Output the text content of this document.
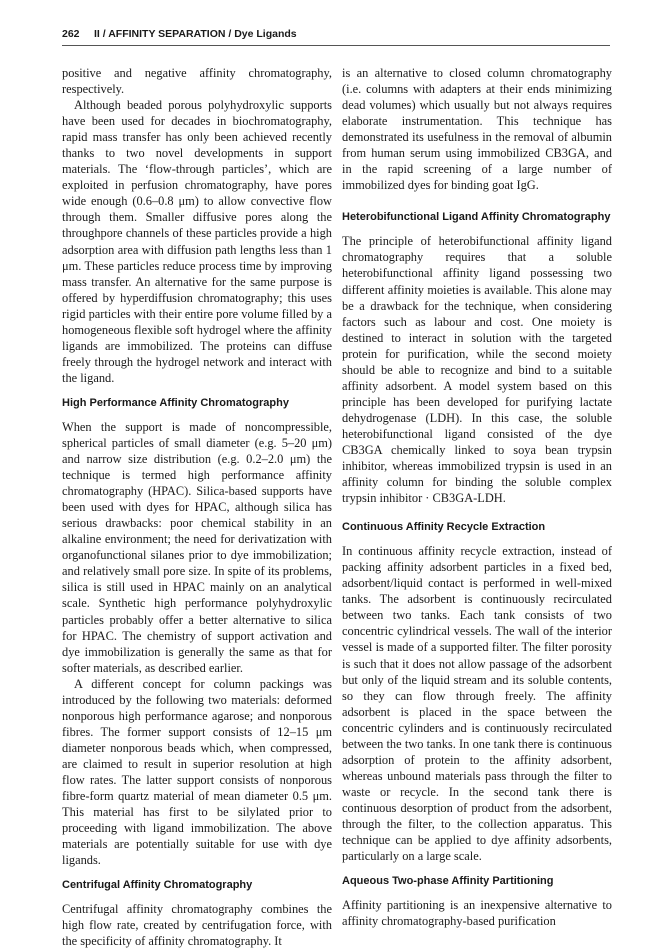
262 II / AFFINITY SEPARATION / Dye Ligands

positive and negative affinity chromatography, respectively.

Although beaded porous polyhydroxylic supports have been used for decades in biochromatography, rapid mass transfer has only been achieved recently thanks to two novel developments in support materials. The ‘flow-through particles’, which are exploited in perfusion chromatography, have pores wide enough (0.6–0.8 μm) to allow convective flow through them. Smaller diffusive pores along the throughpore channels of these particles provide a high adsorption area with diffusion path lengths less than 1 μm. These particles reduce process time by improving mass transfer. An alternative for the same purpose is offered by hyperdiffusion chromatography; this uses rigid particles with their entire pore volume filled by a homogeneous flexible soft hydrogel where the affinity ligands are immobilized. The proteins can diffuse freely through the hydrogel network and interact with the ligand.

High Performance Affinity Chromatography

When the support is made of noncompressible, spherical particles of small diameter (e.g. 5–20 μm) and narrow size distribution (e.g. 0.2–2.0 μm) the technique is termed high performance affinity chromatography (HPAC). Silica-based supports have been used with dyes for HPAC, although silica has serious drawbacks: poor chemical stability in an alkaline environment; the need for derivatization with organofunctional silanes prior to dye immobilization; and relatively small pore size. In spite of its problems, silica is still used in HPAC mainly on an analytical scale. Synthetic high performance polyhydroxylic particles probably offer a better alternative to silica for HPAC. The chemistry of support activation and dye immobilization is generally the same as that for softer materials, as described earlier.

A different concept for column packings was introduced by the following two materials: deformed nonporous high performance agarose; and nonporous fibres. The former support consists of 12–15 μm diameter nonporous beads which, when compressed, are claimed to result in superior resolution at high flow rates. The latter support consists of nonporous fibre-form quartz material of mean diameter 0.5 μm. This material has first to be silylated prior to proceeding with ligand immobilization. The above materials are potentially suitable for use with dye ligands.

Centrifugal Affinity Chromatography

Centrifugal affinity chromatography combines the high flow rate, created by centrifugation force, with the specificity of affinity chromatography. It

is an alternative to closed column chromatography (i.e. columns with adapters at their ends minimizing dead volumes) which usually but not always requires elaborate instrumentation. This technique has demonstrated its usefulness in the removal of albumin from human serum using immobilized CB3GA, and in the rapid screening of a large number of immobilized dyes for binding goat IgG.

Heterobifunctional Ligand Affinity Chromatography

The principle of heterobifunctional affinity ligand chromatography requires that a soluble heterobifunctional affinity ligand possessing two different affinity moieties is available. This alone may be a drawback for the technique, when considering factors such as labour and cost. One moiety is destined to interact in solution with the targeted protein for purification, while the second moiety should be able to recognize and bind to a suitable affinity adsorbent. A model system based on this principle has been developed for purifying lactate dehydrogenase (LDH). In this case, the soluble heterobifunctional ligand consisted of the dye CB3GA chemically linked to soya bean trypsin inhibitor, whereas immobilized trypsin is used in an affinity column for binding the soluble complex trypsin inhibitor · CB3GA-LDH.

Continuous Affinity Recycle Extraction

In continuous affinity recycle extraction, instead of packing affinity adsorbent particles in a fixed bed, adsorbent/liquid contact is performed in well-mixed tanks. The adsorbent is continuously recirculated between two tanks. Each tank consists of two concentric cylindrical vessels. The wall of the interior vessel is made of a supported filter. The filter porosity is such that it does not allow passage of the adsorbent but only of the liquid stream and its soluble contents, so they can flow through freely. The affinity adsorbent is placed in the space between the concentric cylinders and is continuously recirculated between the two tanks. In one tank there is continuous adsorption of protein to the affinity adsorbent, whereas unbound materials pass through the filter to waste or recycle. In the second tank there is continuous desorption of product from the adsorbent, through the filter, to the collection apparatus. This technique can be applied to dye affinity adsorbents, particularly on a large scale.

Aqueous Two-phase Affinity Partitioning

Affinity partitioning is an inexpensive alternative to affinity chromatography-based purification
